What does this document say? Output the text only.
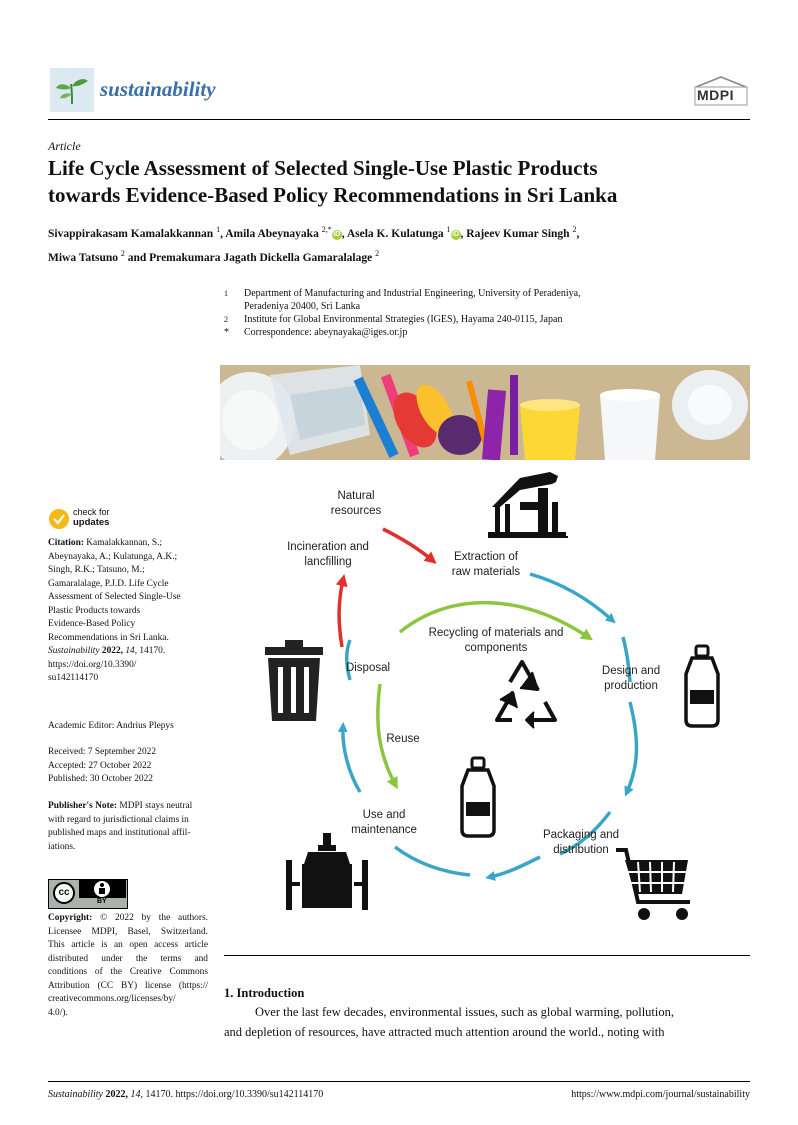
sustainability	MDPI
Article
Life Cycle Assessment of Selected Single-Use Plastic Products
towards Evidence-Based Policy Recommendations in Sri Lanka
Sivappirakasam Kamalakkannan $^1$, Amila Abeynayaka $^{2,*}$iD , Asela K. Kulatunga $^1$iD , Rajeev Kumar Singh $^2$,
Miwa Tatsuno $^2$ and Premakumara Jagath Dickella Gamaralalage $^2$
1 Department of Manufacturing and Industrial Engineering, University of Peradeniya,
Peradeniya 20400, Sri Lanka
2 Institute for Global Environmental Strategies (IGES), Hayama 240-0115, Japan
* Correspondence: abeynayaka@iges.or.jp
check for
updates
Citation: Kamalakkannan, S.;
Abeynayaka, A.; Kulatunga, A.K.;
Singh, R.K.; Tatsuno, M.;
Gamaralalage, P.J.D. Life Cycle
Assessment of Selected Single-Use
Plastic Products towards
Evidence-Based Policy
Recommendations in Sri Lanka.
Sustainability 2022, 14, 14170.
https://doi.org/10.3390/
su142114170
Academic Editor: Andrius Plepys
Received: 7 September 2022
Accepted: 27 October 2022
Published: 30 October 2022
Publisher's Note: MDPI stays neutral
with regard to jurisdictional claims in
published maps and institutional affil-
iations.
cc
BY
Copyright: © 2022 by the authors.
Licensee MDPI, Basel, Switzerland.
This article is an open access article
distributed under the terms and
conditions of the Creative Commons
Attribution (CC BY) license (https://
creativecommons.org/licenses/by/
4.0/).
Natural
resources
Extraction of
raw materials
Incineration and
lancfilling
Recycling of materials and
components
Design and
production
Disposal
Reuse
Use and
maintenance	Packaging and
distribution
1. Introduction
Over the last few decades, environmental issues, such as global warming, pollution,
and depletion of resources, have attracted much attention around the world., noting with
Sustainability 2022, 14, 14170. https://doi.org/10.3390/su142114170	https://www.mdpi.com/journal/sustainability
